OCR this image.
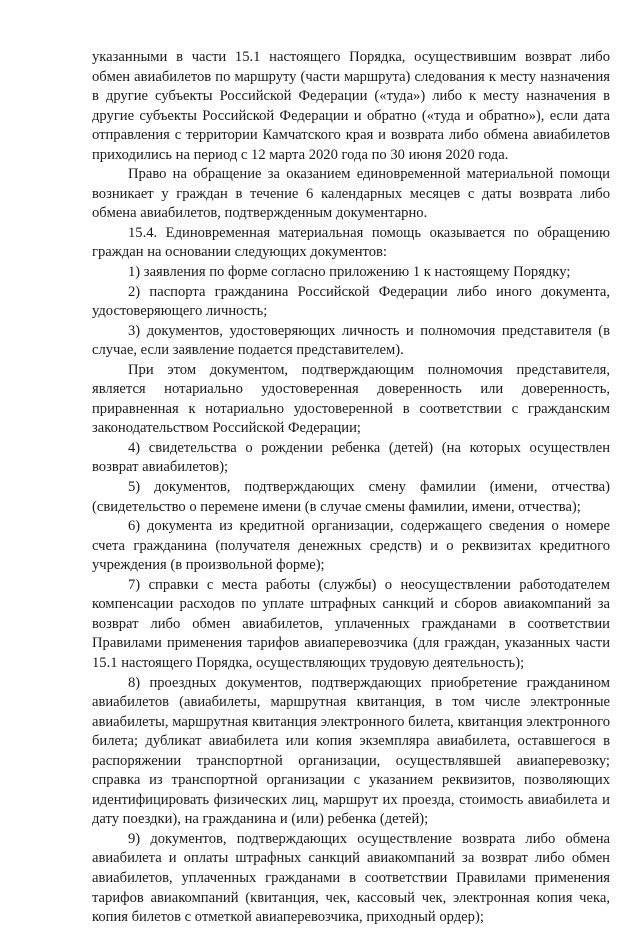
указанными в части 15.1 настоящего Порядка, осуществившим возврат либо обмен авиабилетов по маршруту (части маршрута) следования к месту назначения в другие субъекты Российской Федерации («туда») либо к месту назначения в другие субъекты Российской Федерации и обратно («туда и обратно»), если дата отправления с территории Камчатского края и возврата либо обмена авиабилетов приходились на период с 12 марта 2020 года по 30 июня 2020 года.

Право на обращение за оказанием единовременной материальной помощи возникает у граждан в течение 6 календарных месяцев с даты возврата либо обмена авиабилетов, подтвержденным документарно.

15.4. Единовременная материальная помощь оказывается по обращению граждан на основании следующих документов:

1) заявления по форме согласно приложению 1 к настоящему Порядку;

2) паспорта гражданина Российской Федерации либо иного документа, удостоверяющего личность;

3) документов, удостоверяющих личность и полномочия представителя (в случае, если заявление подается представителем).

При этом документом, подтверждающим полномочия представителя, является нотариально удостоверенная доверенность или доверенность, приравненная к нотариально удостоверенной в соответствии с гражданским законодательством Российской Федерации;

4) свидетельства о рождении ребенка (детей) (на которых осуществлен возврат авиабилетов);

5) документов, подтверждающих смену фамилии (имени, отчества) (свидетельство о перемене имени (в случае смены фамилии, имени, отчества);

6) документа из кредитной организации, содержащего сведения о номере счета гражданина (получателя денежных средств) и о реквизитах кредитного учреждения (в произвольной форме);

7) справки с места работы (службы) о неосуществлении работодателем компенсации расходов по уплате штрафных санкций и сборов авиакомпаний за возврат либо обмен авиабилетов, уплаченных гражданами в соответствии Правилами применения тарифов авиаперевозчика (для граждан, указанных части 15.1 настоящего Порядка, осуществляющих трудовую деятельность);

8) проездных документов, подтверждающих приобретение гражданином авиабилетов (авиабилеты, маршрутная квитанция, в том числе электронные авиабилеты, маршрутная квитанция электронного билета, квитанция электронного билета; дубликат авиабилета или копия экземпляра авиабилета, оставшегося в распоряжении транспортной организации, осуществлявшей авиаперевозку; справка из транспортной организации с указанием реквизитов, позволяющих идентифицировать физических лиц, маршрут их проезда, стоимость авиабилета и дату поездки), на гражданина и (или) ребенка (детей);

9) документов, подтверждающих осуществление возврата либо обмена авиабилета и оплаты штрафных санкций авиакомпаний за возврат либо обмен авиабилетов, уплаченных гражданами в соответствии Правилами применения тарифов авиакомпаний (квитанция, чек, кассовый чек, электронная копия чека, копия билетов с отметкой авиаперевозчика, приходный ордер);
